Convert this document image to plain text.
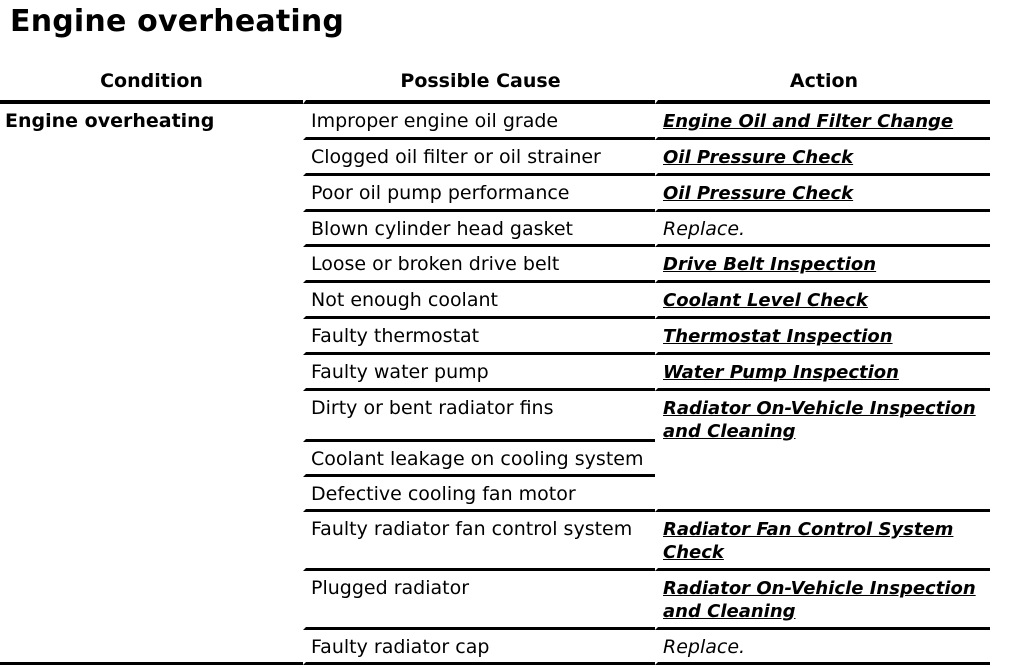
Engine overheating
Condition	Possible Cause	Action
Engine overheating	Improper engine oil grade	Engine Oil and Filter Change
	Clogged oil filter or oil strainer	Oil Pressure Check
	Poor oil pump performance	Oil Pressure Check
	Blown cylinder head gasket	Replace.
	Loose or broken drive belt	Drive Belt Inspection
	Not enough coolant	Coolant Level Check
	Faulty thermostat	Thermostat Inspection
	Faulty water pump	Water Pump Inspection
	Dirty or bent radiator fins	Radiator On-Vehicle Inspection and Cleaning
	Coolant leakage on cooling system	
	Defective cooling fan motor	
	Faulty radiator fan control system	Radiator Fan Control System Check
	Plugged radiator	Radiator On-Vehicle Inspection and Cleaning
	Faulty radiator cap	Replace.
